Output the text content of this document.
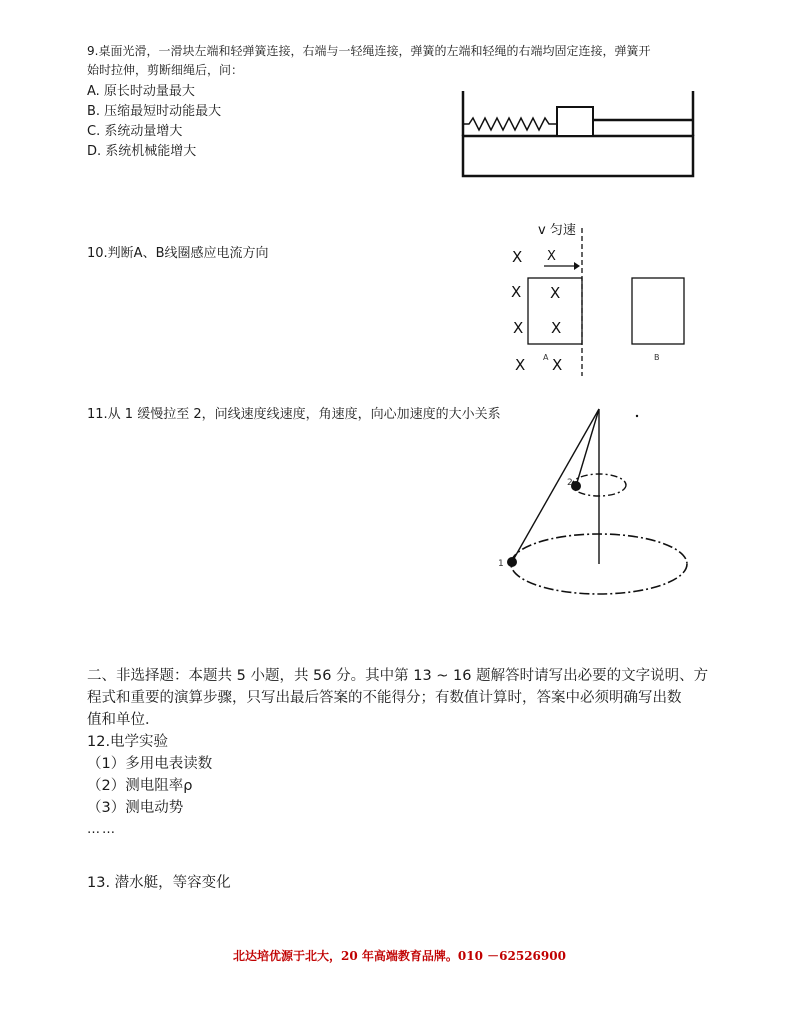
9.桌面光滑，一滑块左端和轻弹簧连接，右端与一轻绳连接，弹簧的左端和轻绳的右端均固定连接，弹簧开
始时拉伸，剪断细绳后，问：
A. 原长时动量最大
B. 压缩最短时动能最大
C. 系统动量增大
D. 系统机械能增大
10.判断A、B线圈感应电流方向
v 匀速
X X
X X
X X
X X
A	B
11.从 1 缓慢拉至 2，问线速度线速度，角速度，向心加速度的大小关系
2
1
二、非选择题：本题共 5 小题，共 56 分。其中第 13 ~ 16 题解答时请写出必要的文字说明、方
程式和重要的演算步骤，只写出最后答案的不能得分；有数值计算时，答案中必须明确写出数
值和单位．
12.电学实验
（1）多用电表读数
（2）测电阻率ρ
（3）测电动势
……
13. 潜水艇，等容变化
北达培优源于北大，20 年高端教育品牌。010 －62526900
